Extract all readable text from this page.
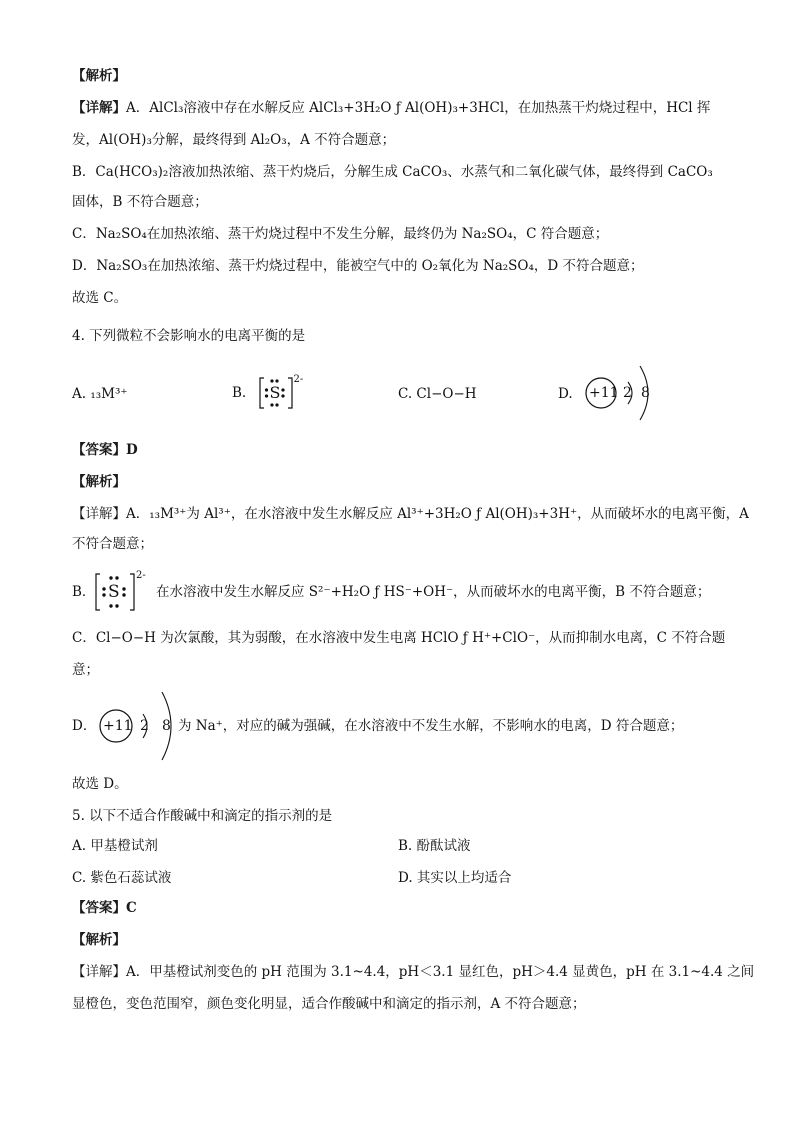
【解析】
【详解】A．AlCl₃溶液中存在水解反应 AlCl₃+3H₂O ƒ Al(OH)₃+3HCl，在加热蒸干灼烧过程中，HCl 挥
发，Al(OH)₃分解，最终得到 Al₂O₃，A 不符合题意；
B．Ca(HCO₃)₂溶液加热浓缩、蒸干灼烧后，分解生成 CaCO₃、水蒸气和二氧化碳气体，最终得到 CaCO₃
固体，B 不符合题意；
C．Na₂SO₄在加热浓缩、蒸干灼烧过程中不发生分解，最终仍为 Na₂SO₄，C 符合题意；
D．Na₂SO₃在加热浓缩、蒸干灼烧过程中，能被空气中的 O₂氧化为 Na₂SO₄，D 不符合题意；
故选 C。
4. 下列微粒不会影响水的电离平衡的是
A. ₁₃M³⁺	B. S
2-
C. Cl−O−H	D. +11 2 8
【答案】D
【解析】
【详解】A．₁₃M³⁺为 Al³⁺，在水溶液中发生水解反应 Al³⁺+3H₂O ƒ Al(OH)₃+3H⁺，从而破坏水的电离平衡，A
不符合题意；
B． S
2-
在水溶液中发生水解反应 S²⁻+H₂O ƒ HS⁻+OH⁻，从而破坏水的电离平衡，B 不符合题意；
C．Cl−O−H 为次氯酸，其为弱酸，在水溶液中发生电离 HClO ƒ H⁺+ClO⁻，从而抑制水电离，C 不符合题
意；
D． +11 2 8 为 Na⁺，对应的碱为强碱，在水溶液中不发生水解，不影响水的电离，D 符合题意；
故选 D。
5. 以下不适合作酸碱中和滴定的指示剂的是
A. 甲基橙试剂	B. 酚酞试液
C. 紫色石蕊试液	D. 其实以上均适合
【答案】C
【解析】
【详解】A．甲基橙试剂变色的 pH 范围为 3.1~4.4，pH＜3.1 显红色，pH＞4.4 显黄色，pH 在 3.1~4.4 之间
显橙色，变色范围窄，颜色变化明显，适合作酸碱中和滴定的指示剂，A 不符合题意；
